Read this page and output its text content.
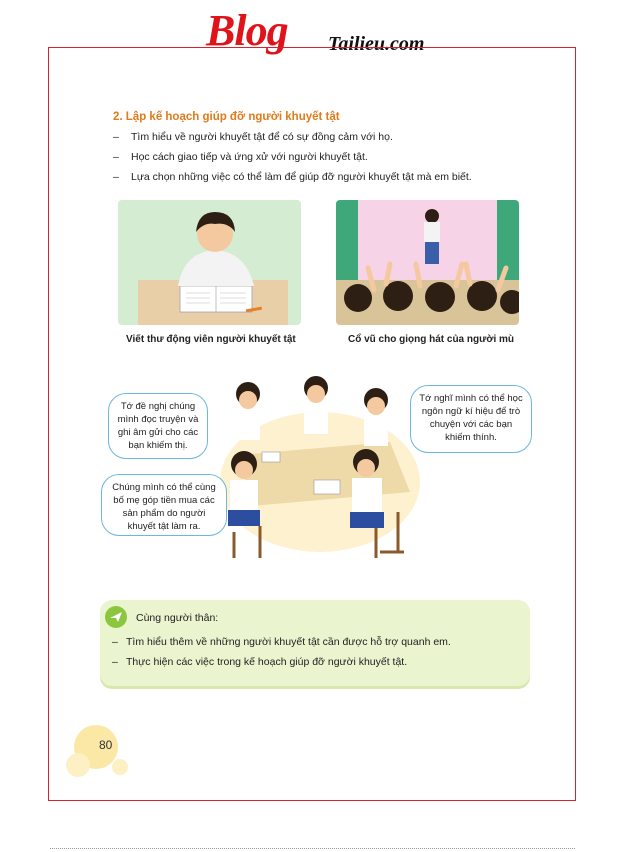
Blog Tailieu.com
2. Lập kế hoạch giúp đỡ người khuyết tật
– Tìm hiểu về người khuyết tật để có sự đồng cảm với họ.
– Học cách giao tiếp và ứng xử với người khuyết tật.
– Lựa chọn những việc có thể làm để giúp đỡ người khuyết tật mà em biết.
Viết thư động viên người khuyết tật	Cổ vũ cho giọng hát của người mù
Tớ đề nghị chúng mình đọc truyện và ghi âm gửi cho các bạn khiếm thị.
Chúng mình có thể cùng bố mẹ góp tiền mua các sản phẩm do người khuyết tật làm ra.
Tớ nghĩ mình có thể học ngôn ngữ kí hiệu để trò chuyện với các bạn khiếm thính.
Cùng người thân:
– Tìm hiểu thêm về những người khuyết tật cần được hỗ trợ quanh em.
– Thực hiện các việc trong kế hoạch giúp đỡ người khuyết tật.
80
